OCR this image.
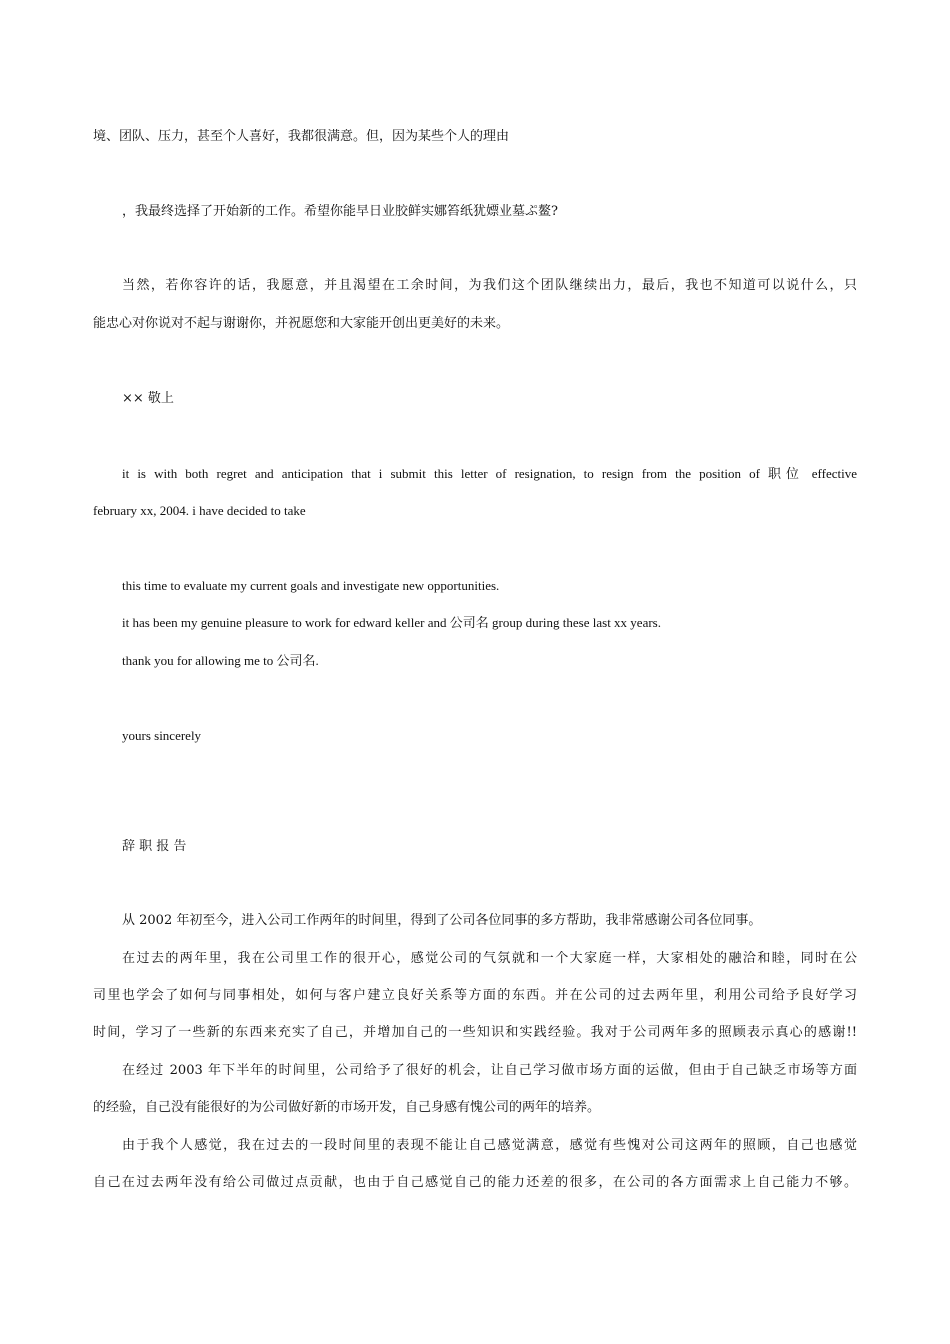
境、团队、压力，甚至个人喜好，我都很满意。但，因为某些个人的理由
，我最终选择了开始新的工作。希望你能早日业胶鲜实娜笞纸犹嫖业墓ぷ鳌?
当然，若你容许的话，我愿意，并且渴望在工余时间，为我们这个团队继续出力，最后，我也不知道可以说什么，只
能忠心对你说对不起与谢谢你，并祝愿您和大家能开创出更美好的未来。
×× 敬上
it is with both regret and anticipation that i submit this letter of resignation, to resign from the position of 职位 effective
february xx, 2004. i have decided to take
this time to evaluate my current goals and investigate new opportunities.
it has been my genuine pleasure to work for edward keller and 公司名 group during these last xx years.
thank you for allowing me to 公司名.
yours sincerely
辞 职 报 告
从 2002 年初至今，进入公司工作两年的时间里，得到了公司各位同事的多方帮助，我非常感谢公司各位同事。
在过去的两年里，我在公司里工作的很开心，感觉公司的气氛就和一个大家庭一样，大家相处的融洽和睦，同时在公
司里也学会了如何与同事相处，如何与客户建立良好关系等方面的东西。并在公司的过去两年里，利用公司给予良好学习
时间，学习了一些新的东西来充实了自己，并增加自己的一些知识和实践经验。我对于公司两年多的照顾表示真心的感谢!!
在经过 2003 年下半年的时间里，公司给予了很好的机会，让自己学习做市场方面的运做，但由于自己缺乏市场等方面
的经验，自己没有能很好的为公司做好新的市场开发，自己身感有愧公司的两年的培养。
由于我个人感觉，我在过去的一段时间里的表现不能让自己感觉满意，感觉有些愧对公司这两年的照顾，自己也感觉
自己在过去两年没有给公司做过点贡献，也由于自己感觉自己的能力还差的很多，在公司的各方面需求上自己能力不够。
